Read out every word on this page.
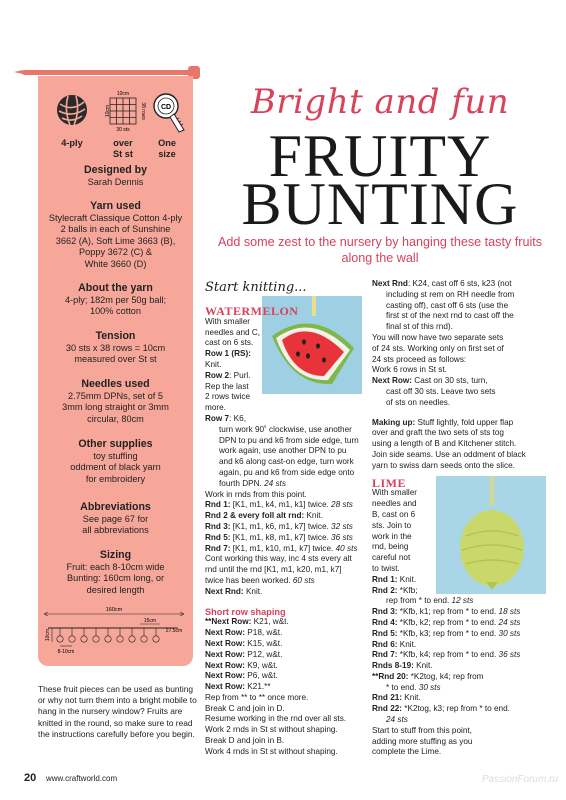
4-ply
10cm
10cm	38 rows
30 sts
over
St st
CD
One
size
Designed by
Sarah Dennis
Yarn used
Stylecraft Classique Cotton 4-ply
2 balls in each of Sunshine
3662 (A), Soft Lime 3663 (B),
Poppy 3672 (C) &
White 3660 (D)
About the yarn
4-ply; 182m per 50g ball;
100% cotton
Tension
30 sts x 38 rows = 10cm
measured over St st
Needles used
2.75mm DPNs, set of 5
3mm long straight or 3mm
circular, 80cm
Other supplies
toy stuffing
oddment of black yarn
for embroidery
Abbreviations
See page 67 for
all abbreviations
Sizing
Fruit: each 8-10cm wide
Bunting: 160cm long, or
desired length
160cm
15cm
10cm	27.5cm
8-10cm
These fruit pieces can be used as bunting or why not turn them into a bright mobile to hang in the nursery window? Fruits are knitted in the round, so make sure to read the instructions carefully before you begin.
Bright and fun
FRUITY
BUNTING
Add some zest to the nursery by hanging these tasty fruits along the wall
Start knitting...

WATERMELON

With smaller

needles and C,

cast on 6 sts.

Row 1 (RS):

Knit.

Row 2: Purl.

Rep the last

2 rows twice

more.

Row 7: K6,

turn work 90˚ clockwise, use another

DPN to pu and k6 from side edge, turn

work again, use another DPN to pu

and k6 along cast-on edge, turn work

again, pu and k6 from side edge onto

fourth DPN. 24 sts

Work in rnds from this point.

Rnd 1: [K1, m1, k4, m1, k1] twice. 28 sts

Rnd 2 & every foll alt rnd: Knit.

Rnd 3: [K1, m1, k6, m1, k7] twice. 32 sts

Rnd 5: [K1, m1, k8, m1, k7] twice. 36 sts

Rnd 7: [K1, m1, k10, m1, k7] twice. 40 sts

Cont working this way, inc 4 sts every alt

rnd until the rnd [K1, m1, k20, m1, k7]

twice has been worked. 60 sts

Next Rnd: Knit.

Short row shaping

**Next Row: K21, w&t.

Next Row: P18, w&t.

Next Row: K15, w&t.

Next Row: P12, w&t.

Next Row: K9, w&t.

Next Row: P6, w&t.

Next Row: K21.**

Rep from ** to ** once more.

Break C and join in D.

Resume working in the rnd over all sts.

Work 2 rnds in St st without shaping.

Break D and join in B.

Work 4 rnds in St st without shaping.

Next Rnd: K24, cast off 6 sts, k23 (not

including st rem on RH needle from

casting off), cast off 6 sts (use the

first st of the next rnd to cast off the

final st of this rnd).

You will now have two separate sets

of 24 sts. Working only on first set of

24 sts proceed as follows:

Work 6 rows in St st.

Next Row: Cast on 30 sts, turn,

cast off 30 sts. Leave two sets

of sts on needles.

Making up: Stuff lightly, fold upper flap

over and graft the two sets of sts tog

using a length of B and Kitchener stitch.

Join side seams. Use an oddment of black

yarn to swiss darn seeds onto the slice.

LIME

With smaller

needles and

B, cast on 6

sts. Join to

work in the

rnd, being

careful not

to twist.

Rnd 1: Knit.

Rnd 2: *Kfb;

rep from * to end. 12 sts

Rnd 3: *Kfb, k1; rep from * to end. 18 sts

Rnd 4: *Kfb, k2; rep from * to end. 24 sts

Rnd 5: *Kfb, k3; rep from * to end. 30 sts

Rnd 6: Knit.

Rnd 7: *Kfb, k4; rep from * to end. 36 sts

Rnds 8-19: Knit.

**Rnd 20: *K2tog, k4; rep from

* to end. 30 sts

Rnd 21: Knit.

Rnd 22: *K2tog, k3; rep from * to end.

24 sts

Start to stuff from this point,

adding more stuffing as you

complete the Lime.

20 www.craftworld.com	PassionForum.ru
